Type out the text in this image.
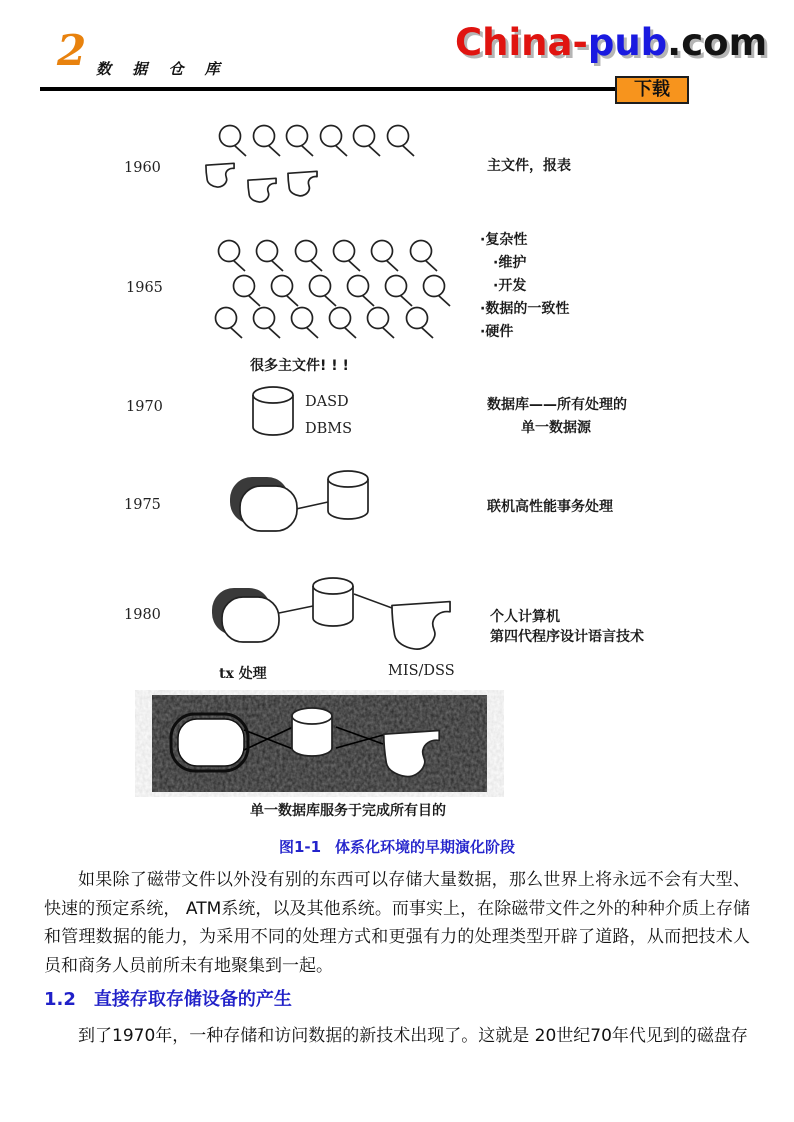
2 数 据 仓 库
China-pub.com
下载
1960	主文件，报表
1965
·复杂性
·维护
·开发
·数据的一致性
·硬件
很多主文件! ! !
1970	DASD
DBMS
数据库——所有处理的
单一数据源
1975	联机高性能事务处理
1980	个人计算机
第四代程序设计语言技术
tx 处理	MIS/DSS
单一数据库服务于完成所有目的
图1-1 体系化环境的早期演化阶段
如果除了磁带文件以外没有别的东西可以存储大量数据，那么世界上将永远不会有大型、快速的预定系统， ATM系统，以及其他系统。而事实上，在除磁带文件之外的种种介质上存储和管理数据的能力，为采用不同的处理方式和更强有力的处理类型开辟了道路，从而把技术人员和商务人员前所未有地聚集到一起。
1.2 直接存取存储设备的产生
到了1970年，一种存储和访问数据的新技术出现了。这就是 20世纪70年代见到的磁盘存
